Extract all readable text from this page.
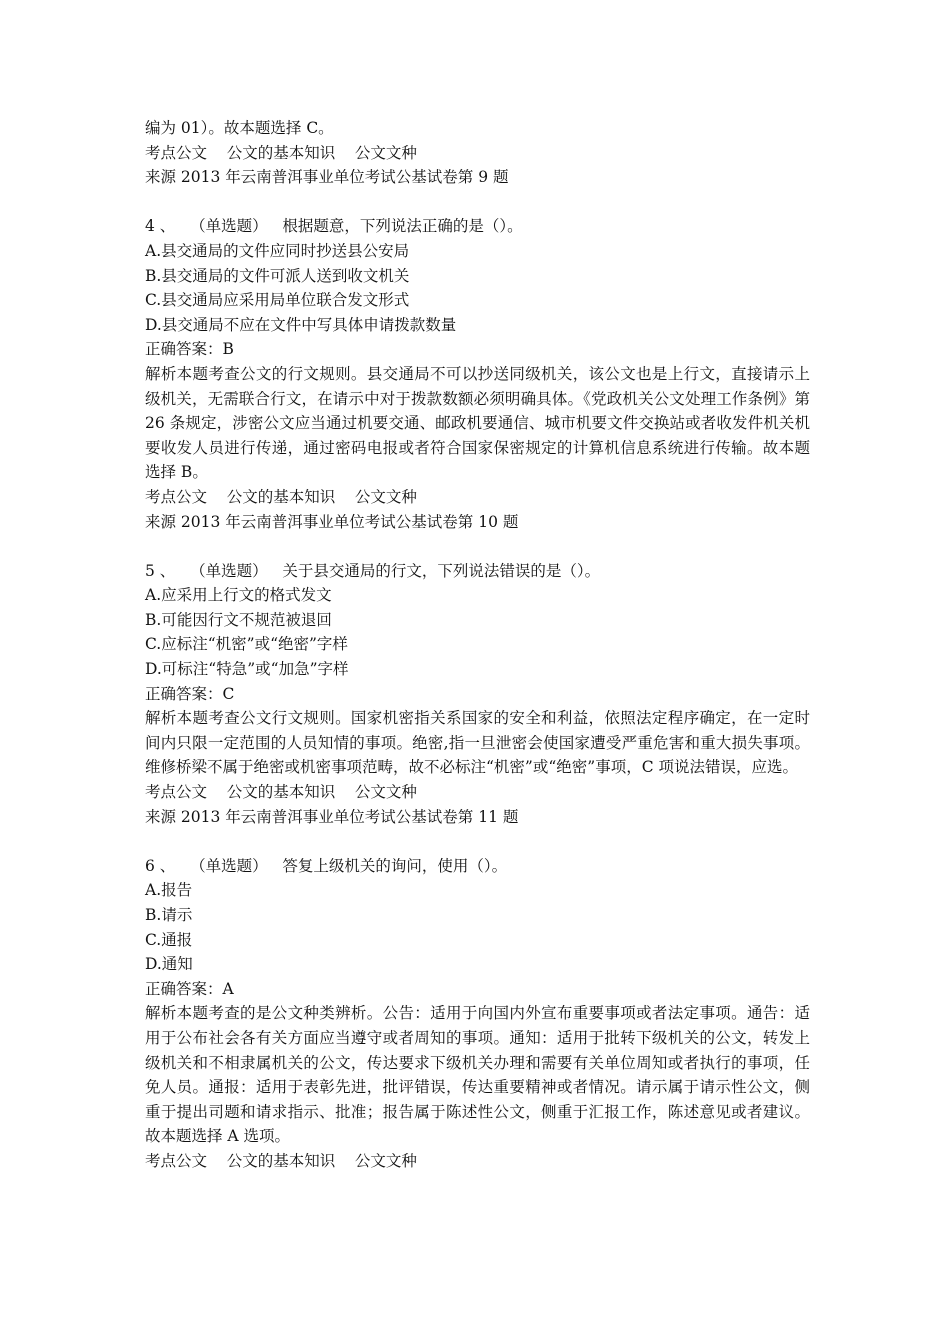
编为 01）。故本题选择 C。

考点公文    公文的基本知识    公文文种

来源 2013 年云南普洱事业单位考试公基试卷第 9 题

4 、   （单选题）   根据题意，下列说法正确的是（）。

A.县交通局的文件应同时抄送县公安局

B.县交通局的文件可派人送到收文机关

C.县交通局应采用局单位联合发文形式

D.县交通局不应在文件中写具体申请拨款数量

正确答案：B

解析本题考查公文的行文规则。县交通局不可以抄送同级机关，该公文也是上行文，直接请示上级机关，无需联合行文，在请示中对于拨款数额必须明确具体。《党政机关公文处理工作条例》第 26 条规定，涉密公文应当通过机要交通、邮政机要通信、城市机要文件交换站或者收发件机关机要收发人员进行传递，通过密码电报或者符合国家保密规定的计算机信息系统进行传输。故本题选择 B。

考点公文    公文的基本知识    公文文种

来源 2013 年云南普洱事业单位考试公基试卷第 10 题

5 、   （单选题）   关于县交通局的行文，下列说法错误的是（）。

A.应采用上行文的格式发文

B.可能因行文不规范被退回

C.应标注“机密”或“绝密”字样

D.可标注“特急”或“加急”字样

正确答案：C

解析本题考查公文行文规则。国家机密指关系国家的安全和利益，依照法定程序确定，在一定时间内只限一定范围的人员知情的事项。绝密,指一旦泄密会使国家遭受严重危害和重大损失事项。维修桥梁不属于绝密或机密事项范畴，故不必标注“机密”或“绝密”事项，C 项说法错误，应选。

考点公文    公文的基本知识    公文文种

来源 2013 年云南普洱事业单位考试公基试卷第 11 题

6 、   （单选题）   答复上级机关的询问，使用（）。

A.报告

B.请示

C.通报

D.通知

正确答案：A

解析本题考查的是公文种类辨析。公告：适用于向国内外宣布重要事项或者法定事项。通告：适用于公布社会各有关方面应当遵守或者周知的事项。通知：适用于批转下级机关的公文，转发上级机关和不相隶属机关的公文，传达要求下级机关办理和需要有关单位周知或者执行的事项，任免人员。通报：适用于表彰先进，批评错误，传达重要精神或者情况。请示属于请示性公文，侧重于提出司题和请求指示、批准；报告属于陈述性公文，侧重于汇报工作，陈述意见或者建议。故本题选择 A 选项。

考点公文    公文的基本知识    公文文种
